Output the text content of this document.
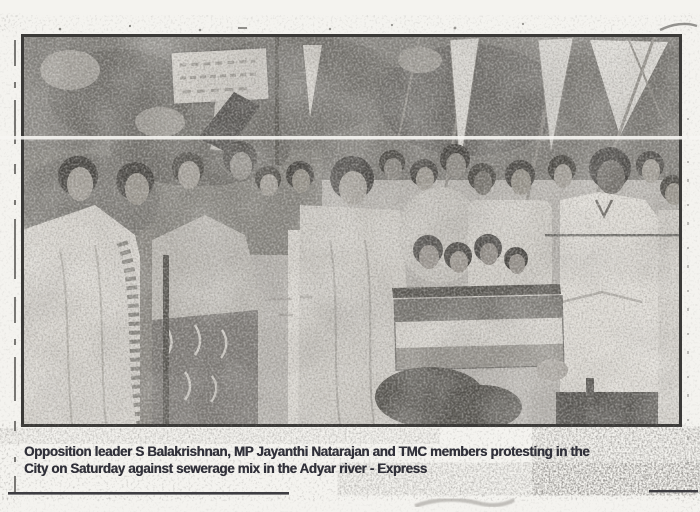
Opposition leader S Balakrishnan, MP Jayanthi Natarajan and TMC members protesting in the
City on Saturday against sewerage mix in the Adyar river - Express
